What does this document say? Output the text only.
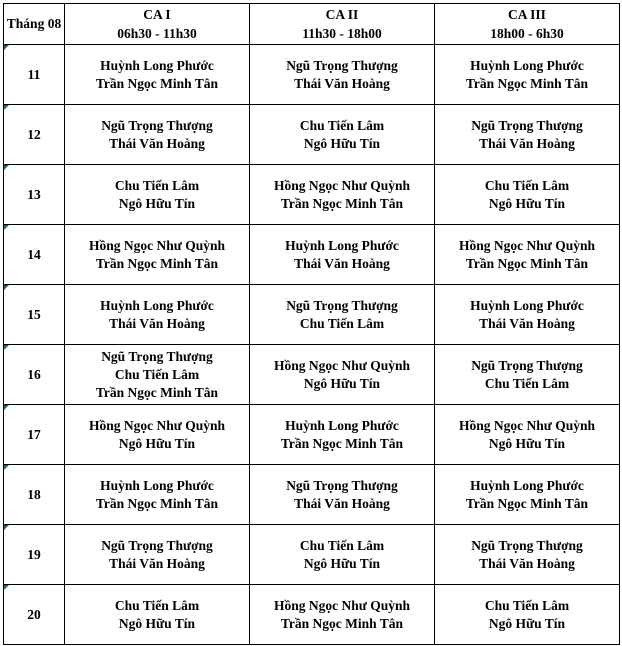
Tháng 08	CA I
06h30 - 11h30	CA II
11h30 - 18h00	CA III
18h00 - 6h30

11	Huỳnh Long Phước
Trần Ngọc Minh Tân	Ngũ Trọng Thượng
Thái Văn Hoàng	Huỳnh Long Phước
Trần Ngọc Minh Tân

12	Ngũ Trọng Thượng
Thái Văn Hoàng	Chu Tiến Lâm
Ngô Hữu Tín	Ngũ Trọng Thượng
Thái Văn Hoàng

13	Chu Tiến Lâm
Ngô Hữu Tín	Hồng Ngọc Như Quỳnh
Trần Ngọc Minh Tân	Chu Tiến Lâm
Ngô Hữu Tín

14	Hồng Ngọc Như Quỳnh
Trần Ngọc Minh Tân	Huỳnh Long Phước
Thái Văn Hoàng	Hồng Ngọc Như Quỳnh
Trần Ngọc Minh Tân

15	Huỳnh Long Phước
Thái Văn Hoàng	Ngũ Trọng Thượng
Chu Tiến Lâm	Huỳnh Long Phước
Thái Văn Hoàng

16	Ngũ Trọng Thượng
Chu Tiến Lâm
Trần Ngọc Minh Tân	Hồng Ngọc Như Quỳnh
Ngô Hữu Tín	Ngũ Trọng Thượng
Chu Tiến Lâm

17	Hồng Ngọc Như Quỳnh
Ngô Hữu Tín	Huỳnh Long Phước
Trần Ngọc Minh Tân	Hồng Ngọc Như Quỳnh
Ngô Hữu Tín

18	Huỳnh Long Phước
Trần Ngọc Minh Tân	Ngũ Trọng Thượng
Thái Văn Hoàng	Huỳnh Long Phước
Trần Ngọc Minh Tân

19	Ngũ Trọng Thượng
Thái Văn Hoàng	Chu Tiến Lâm
Ngô Hữu Tín	Ngũ Trọng Thượng
Thái Văn Hoàng

20	Chu Tiến Lâm
Ngô Hữu Tín	Hồng Ngọc Như Quỳnh
Trần Ngọc Minh Tân	Chu Tiến Lâm
Ngô Hữu Tín
